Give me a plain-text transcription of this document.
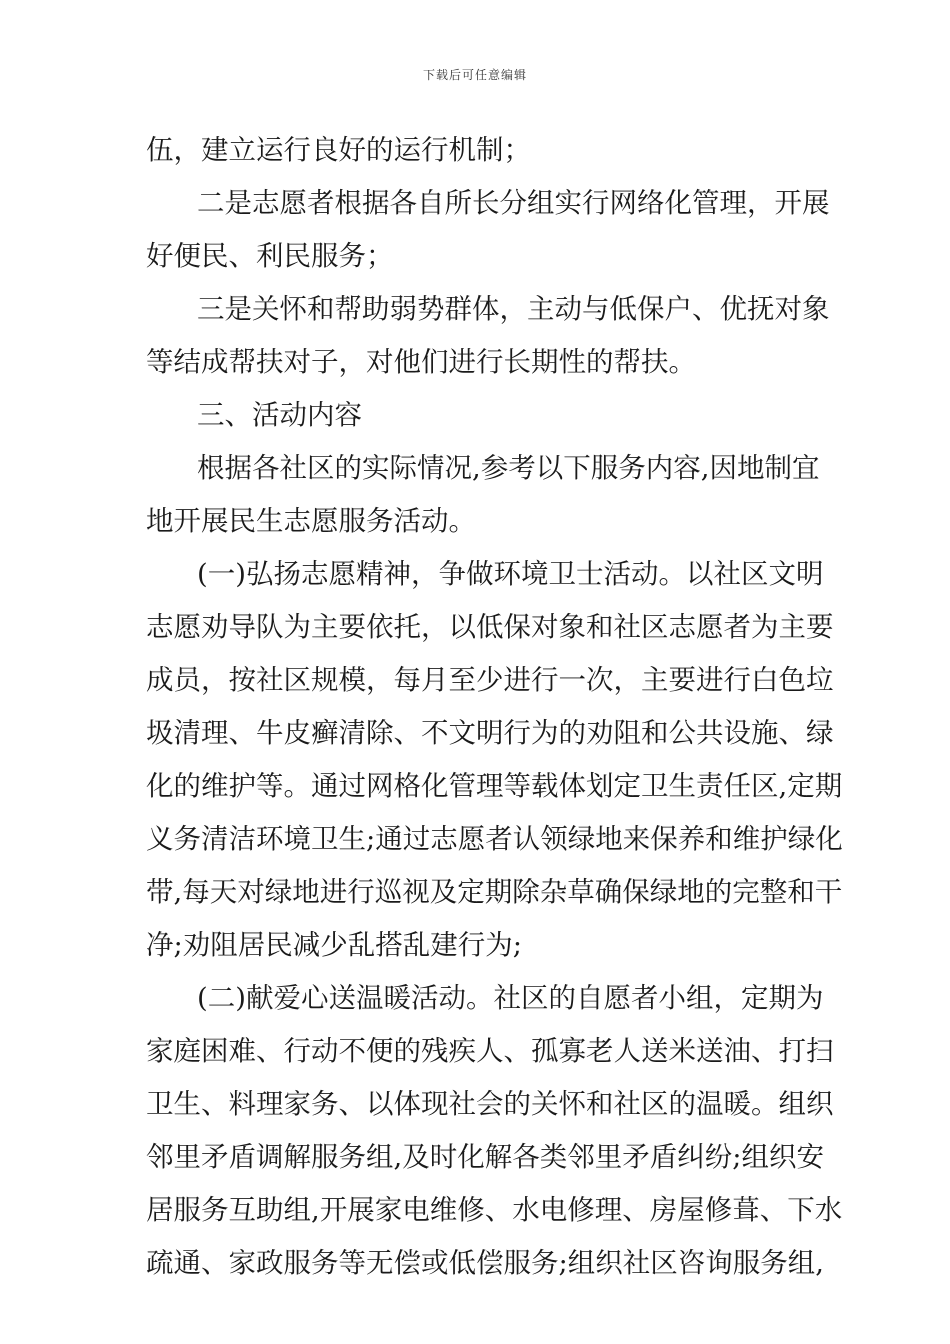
下载后可任意编辑
伍，建立运行良好的运行机制；
二是志愿者根据各自所长分组实行网络化管理，开展
好便民、利民服务；
三是关怀和帮助弱势群体，主动与低保户、优抚对象
等结成帮扶对子，对他们进行长期性的帮扶。
三、活动内容
根据各社区的实际情况,参考以下服务内容,因地制宜
地开展民生志愿服务活动。
(一)弘扬志愿精神，争做环境卫士活动。以社区文明
志愿劝导队为主要依托，以低保对象和社区志愿者为主要
成员，按社区规模，每月至少进行一次，主要进行白色垃
圾清理、牛皮癣清除、不文明行为的劝阻和公共设施、绿
化的维护等。通过网格化管理等载体划定卫生责任区,定期
义务清洁环境卫生;通过志愿者认领绿地来保养和维护绿化
带,每天对绿地进行巡视及定期除杂草确保绿地的完整和干
净;劝阻居民减少乱搭乱建行为;
(二)献爱心送温暖活动。社区的自愿者小组，定期为
家庭困难、行动不便的残疾人、孤寡老人送米送油、打扫
卫生、料理家务、以体现社会的关怀和社区的温暖。组织
邻里矛盾调解服务组,及时化解各类邻里矛盾纠纷;组织安
居服务互助组,开展家电维修、水电修理、房屋修葺、下水
疏通、家政服务等无偿或低偿服务;组织社区咨询服务组,
